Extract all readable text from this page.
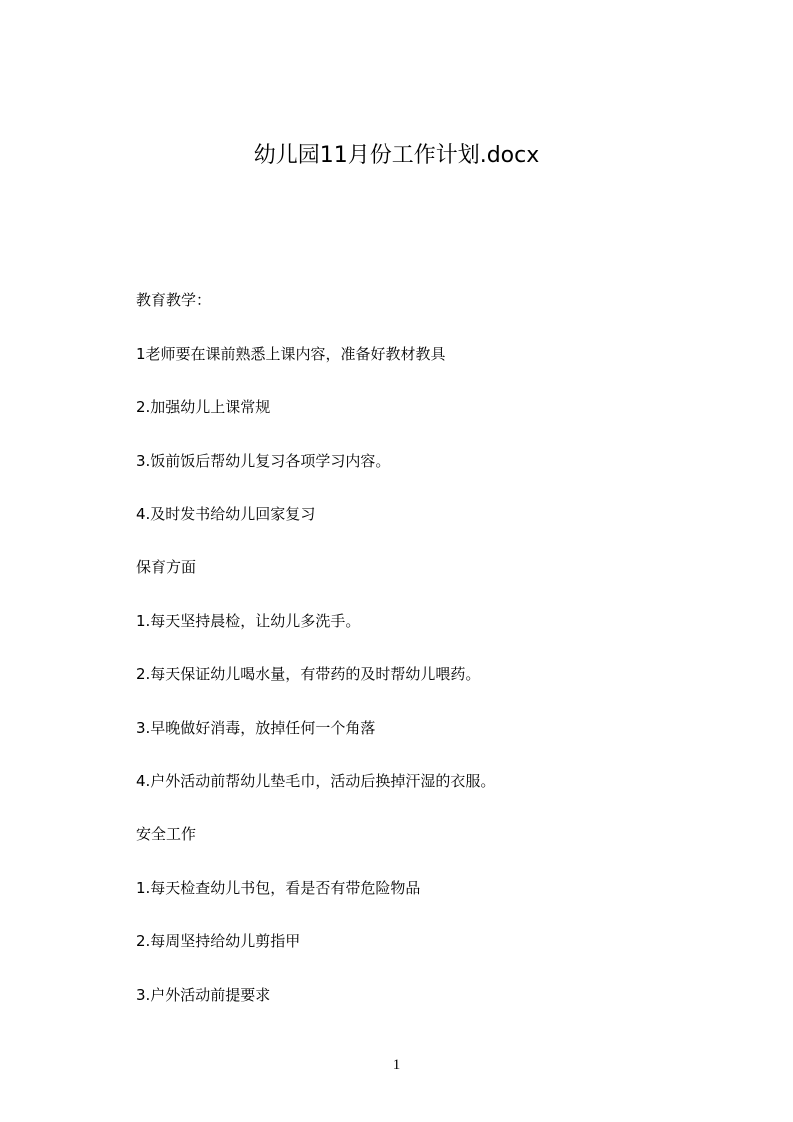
幼儿园11月份工作计划.docx
教育教学：
1老师要在课前熟悉上课内容，准备好教材教具
2.加强幼儿上课常规
3.饭前饭后帮幼儿复习各项学习内容。
4.及时发书给幼儿回家复习
保育方面
1.每天坚持晨检，让幼儿多洗手。
2.每天保证幼儿喝水量，有带药的及时帮幼儿喂药。
3.早晚做好消毒，放掉任何一个角落
4.户外活动前帮幼儿垫毛巾，活动后换掉汗湿的衣服。
安全工作
1.每天检查幼儿书包，看是否有带危险物品
2.每周坚持给幼儿剪指甲
3.户外活动前提要求
1
